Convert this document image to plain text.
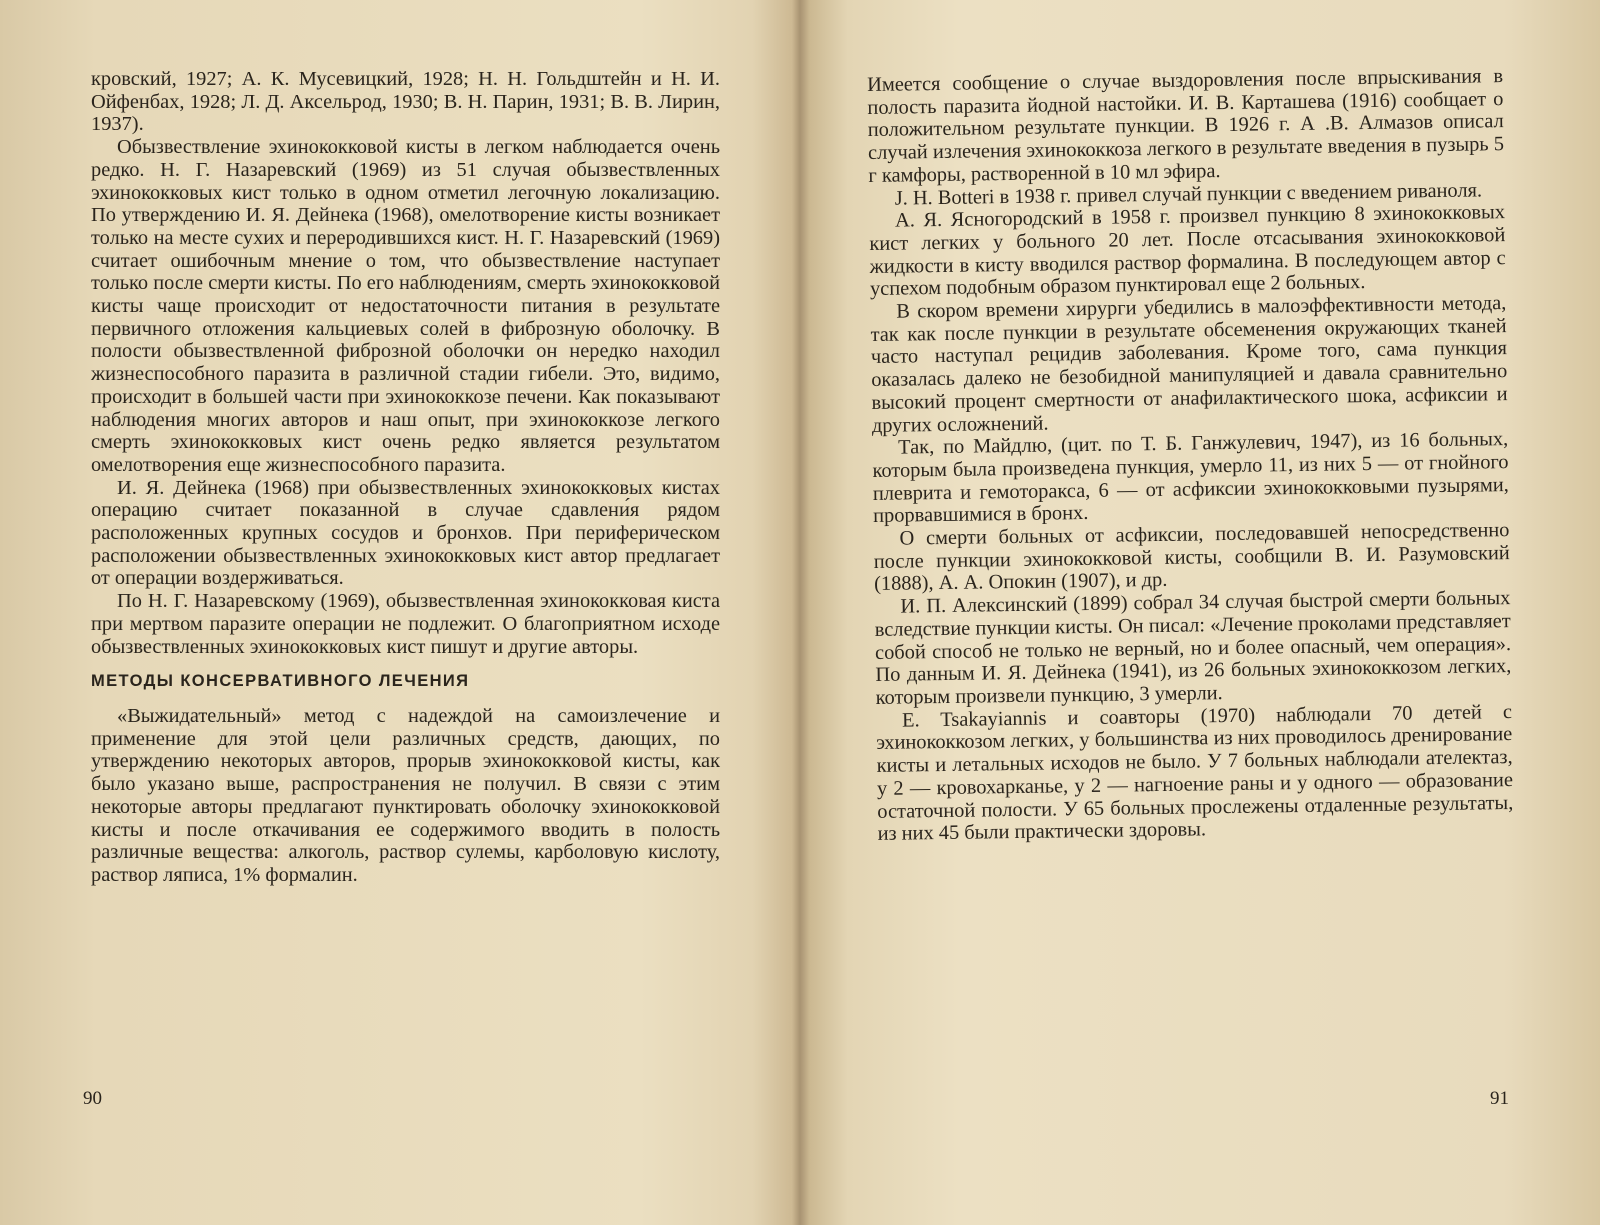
кровский, 1927; А. К. Мусевицкий, 1928; Н. Н. Гольдштейн и Н. И. Ойфенбах, 1928; Л. Д. Аксельрод, 1930; В. Н. Парин, 1931; В. В. Лирин, 1937).

Обызвествление эхинококковой кисты в легком наблюдается очень редко. Н. Г. Назаревский (1969) из 51 случая обызвествленных эхинококковых кист только в одном отметил легочную локализацию. По утверждению И. Я. Дейнека (1968), омелотворение кисты возникает только на месте сухих и переродившихся кист. Н. Г. Назаревский (1969) считает ошибочным мнение о том, что обызвествление наступает только после смерти кисты. По его наблюдениям, смерть эхинококковой кисты чаще происходит от недостаточности питания в результате первичного отложения кальциевых солей в фиброзную оболочку. В полости обызвествленной фиброзной оболочки он нередко находил жизнеспособного паразита в различной стадии гибели. Это, видимо, происходит в большей части при эхинококкозе печени. Как показывают наблюдения многих авторов и наш опыт, при эхинококкозе легкого смерть эхинококковых кист очень редко является результатом омелотворения еще жизнеспособного паразита.

И. Я. Дейнека (1968) при обызвествленных эхинококковых кистах операцию считает показанной в случае сдавлени́я рядом расположенных крупных сосудов и бронхов. При периферическом расположении обызвествленных эхинококковых кист автор предлагает от операции воздерживаться.

По Н. Г. Назаревскому (1969), обызвествленная эхинококковая киста при мертвом паразите операции не подлежит. О благоприятном исходе обызвествленных эхинококковых кист пишут и другие авторы.

МЕТОДЫ КОНСЕРВАТИВНОГО ЛЕЧЕНИЯ

«Выжидательный» метод с надеждой на самоизлечение и применение для этой цели различных средств, дающих, по утверждению некоторых авторов, прорыв эхинококковой кисты, как было указано выше, распространения не получил. В связи с этим некоторые авторы предлагают пунктировать оболочку эхинококковой кисты и после откачивания ее содержимого вводить в полость различные вещества: алкоголь, раствор сулемы, карболовую кислоту, раствор ляписа, 1% формалин.

90

Имеется сообщение о случае выздоровления после впрыскивания в полость паразита йодной настойки. И. В. Карташева (1916) сообщает о положительном результате пункции. В 1926 г. А .В. Алмазов описал случай излечения эхинококкоза легкого в результате введения в пузырь 5 г камфоры, растворенной в 10 мл эфира.

J. H. Botteri в 1938 г. привел случай пункции с введением риваноля.

А. Я. Ясногородский в 1958 г. произвел пункцию 8 эхинококковых кист легких у больного 20 лет. После отсасывания эхинококковой жидкости в кисту вводился раствор формалина. В последующем автор с успехом подобным образом пунктировал еще 2 больных.

В скором времени хирурги убедились в малоэффективности метода, так как после пункции в результате обсеменения окружающих тканей часто наступал рецидив заболевания. Кроме того, сама пункция оказалась далеко не безобидной манипуляцией и давала сравнительно высокий процент смертности от анафилактического шока, асфиксии и других осложнений.

Так, по Майдлю, (цит. по Т. Б. Ганжулевич, 1947), из 16 больных, которым была произведена пункция, умерло 11, из них 5 — от гнойного плеврита и гемоторакса, 6 — от асфиксии эхинококковыми пузырями, прорвавшимися в бронх.

О смерти больных от асфиксии, последовавшей непосредственно после пункции эхинококковой кисты, сообщили В. И. Разумовский (1888), А. А. Опокин (1907), и др.

И. П. Алексинский (1899) собрал 34 случая быстрой смерти больных вследствие пункции кисты. Он писал: «Лечение проколами представляет собой способ не только не верный, но и более опасный, чем операция». По данным И. Я. Дейнека (1941), из 26 больных эхинококкозом легких, которым произвели пункцию, 3 умерли.

E. Tsakayiannis и соавторы (1970) наблюдали 70 детей с эхинококкозом легких, у большинства из них проводилось дренирование кисты и летальных исходов не было. У 7 больных наблюдали ателектаз, у 2 — кровохарканье, у 2 — нагноение раны и у одного — образование остаточной полости. У 65 больных прослежены отдаленные результаты, из них 45 были практически здоровы.

91
